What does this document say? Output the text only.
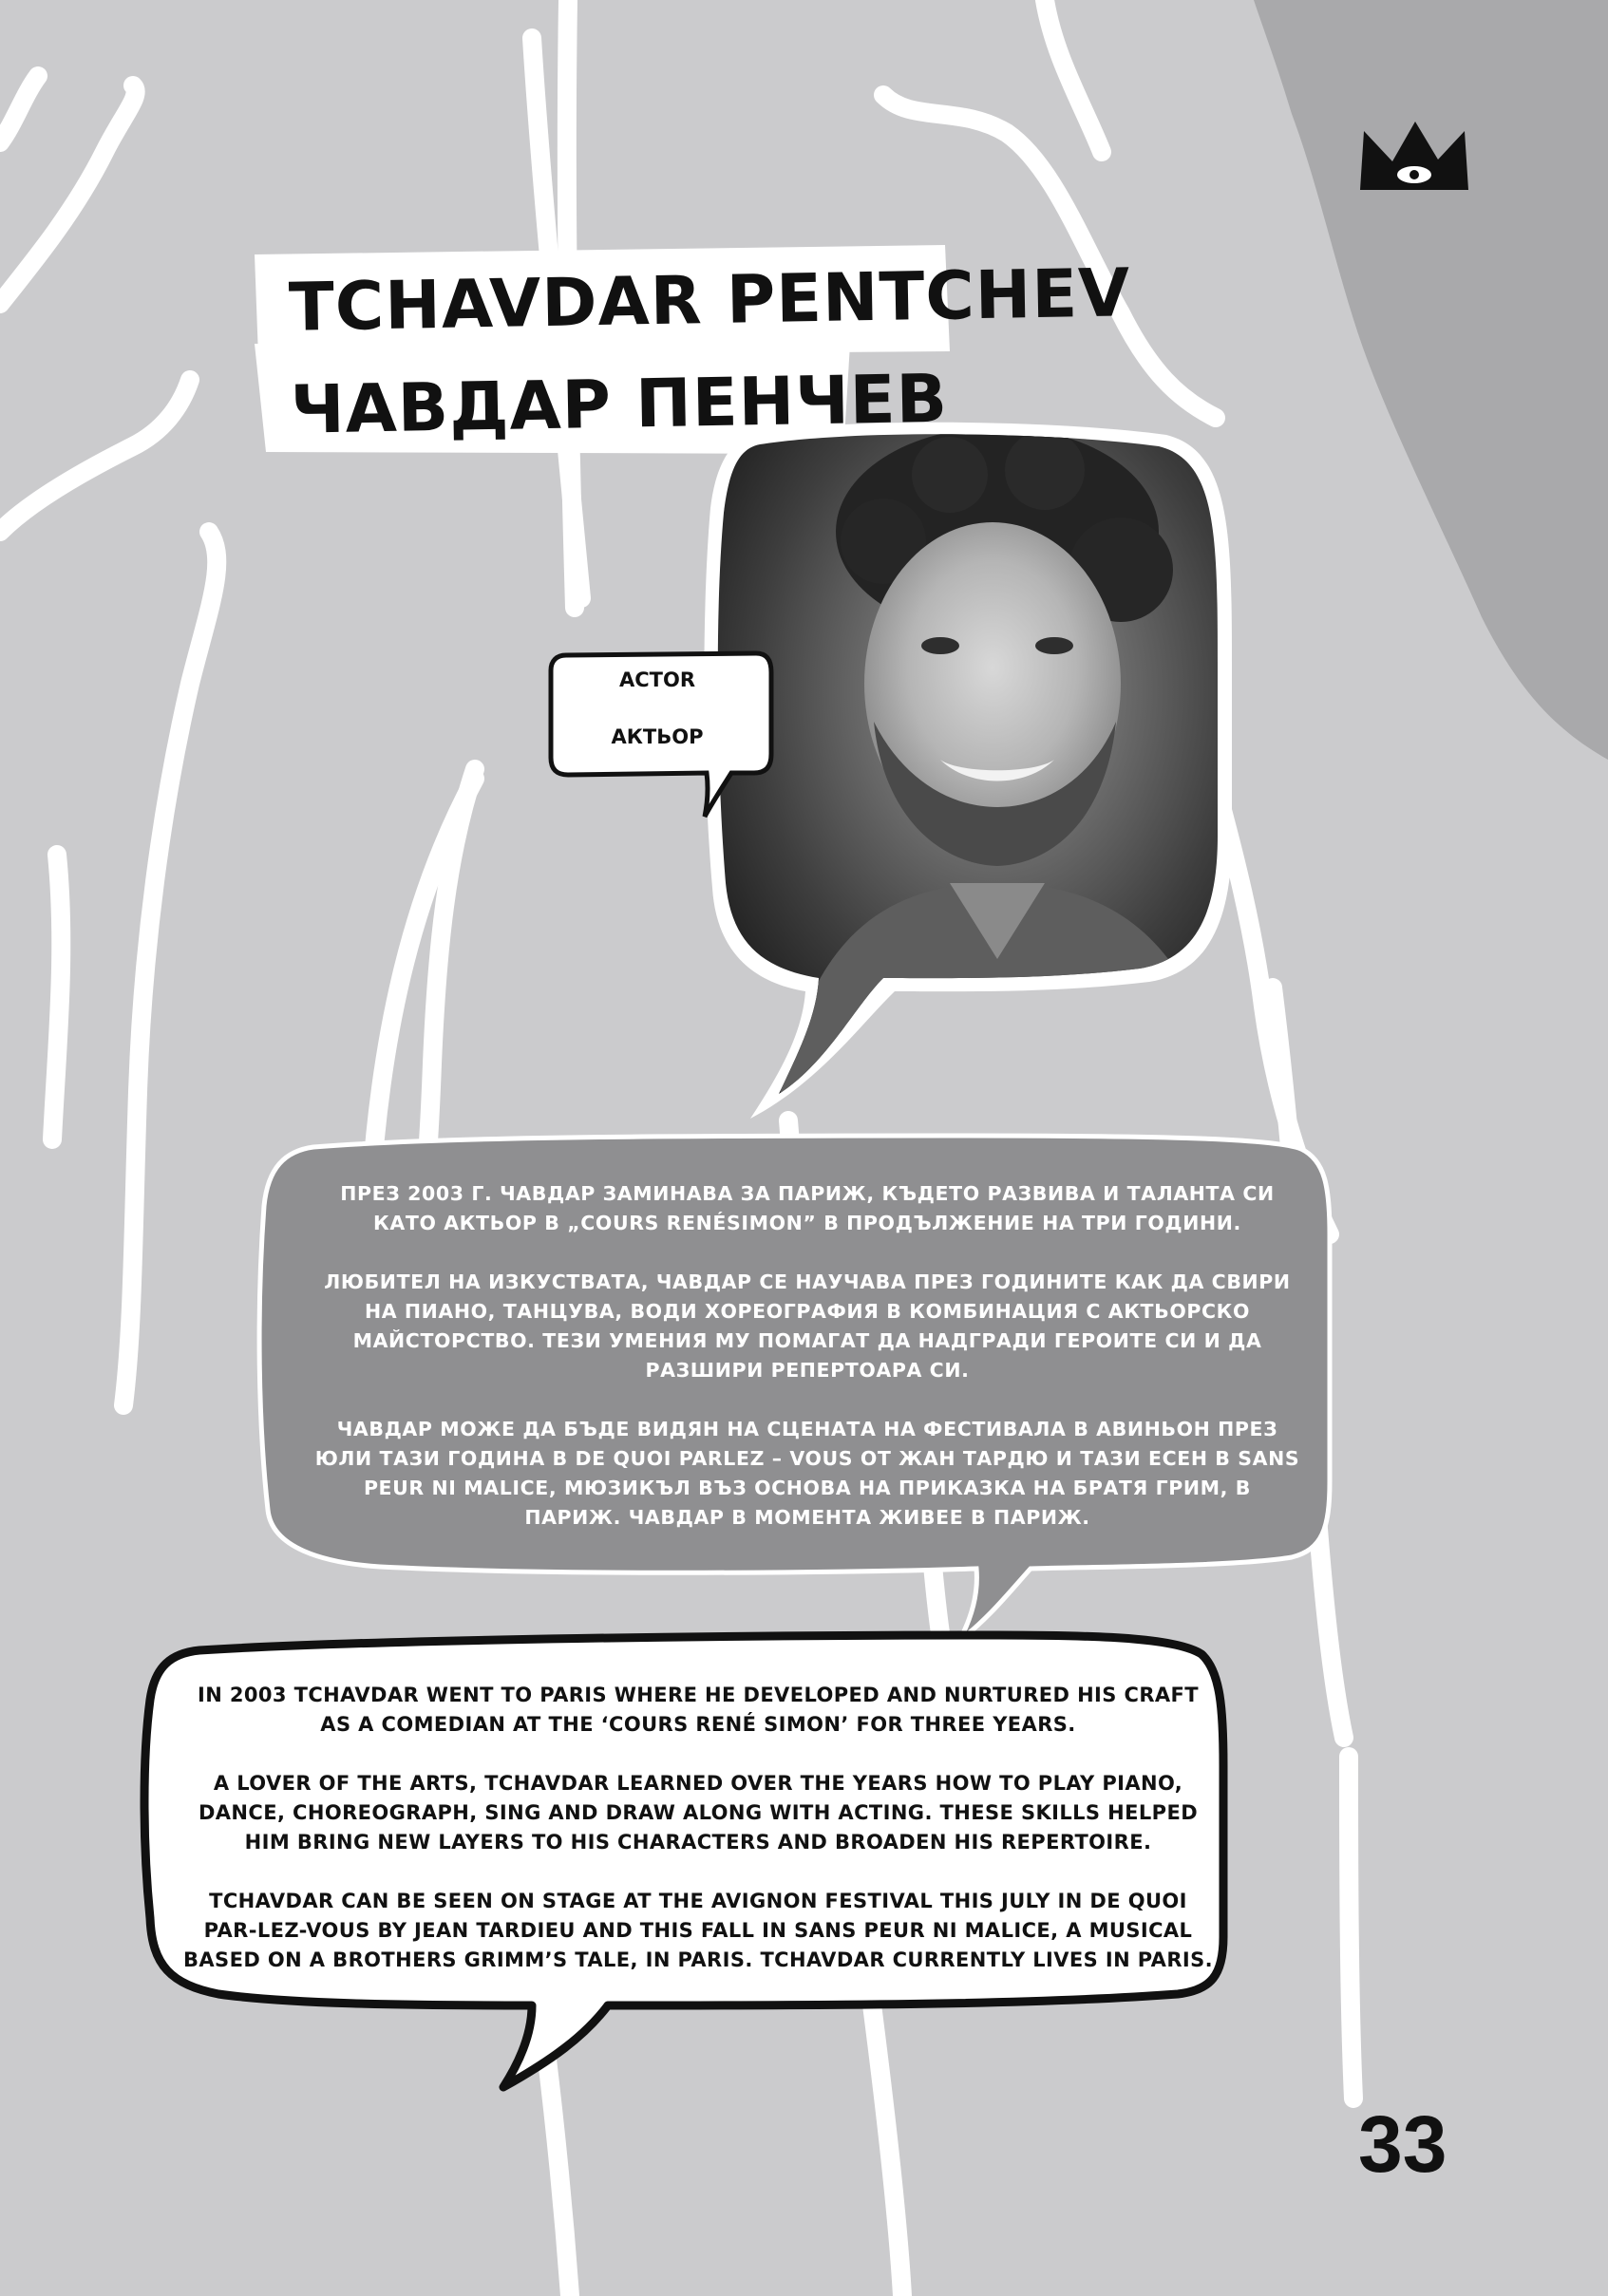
TCHAVDAR PENTCHEV
ЧАВДАР ПЕНЧЕВ
ACTOR
АКТЬОР

ПРЕЗ 2003 Г. ЧАВДАР ЗАМИНАВА ЗА ПАРИЖ, КЪДЕТО РАЗВИВА И ТАЛАНТА СИ КАТО АКТЬОР В „COURS RENÉSIMON” В ПРОДЪЛЖЕНИЕ НА ТРИ ГОДИНИ.

ЛЮБИТЕЛ НА ИЗКУСТВАТА, ЧАВДАР СЕ НАУЧАВА ПРЕЗ ГОДИНИТЕ КАК ДА СВИРИ НА ПИАНО, ТАНЦУВА, ВОДИ ХОРЕОГРАФИЯ В КОМБИНАЦИЯ С АКТЬОРСКО МАЙСТОРСТВО. ТЕЗИ УМЕНИЯ МУ ПОМАГАТ ДА НАДГРАДИ ГЕРОИТЕ СИ И ДА РАЗШИРИ РЕПЕРТОАРА СИ.

ЧАВДАР МОЖЕ ДА БЪДЕ ВИДЯН НА СЦЕНАТА НА ФЕСТИВАЛА В АВИНЬОН ПРЕЗ ЮЛИ ТАЗИ ГОДИНА В DE QUOI PARLEZ – VOUS ОТ ЖАН ТАРДЮ И ТАЗИ ЕСЕН В SANS PEUR NI MALICE, МЮЗИКЪЛ ВЪЗ ОСНОВА НА ПРИКАЗКА НА БРАТЯ ГРИМ, В ПАРИЖ. ЧАВДАР В МОМЕНТА ЖИВЕЕ В ПАРИЖ.

IN 2003 TCHAVDAR WENT TO PARIS WHERE HE DEVELOPED AND NURTURED HIS CRAFT AS A COMEDIAN AT THE ‘COURS RENÉ SIMON’ FOR THREE YEARS.

A LOVER OF THE ARTS, TCHAVDAR LEARNED OVER THE YEARS HOW TO PLAY PIANO, DANCE, CHOREOGRAPH, SING AND DRAW ALONG WITH ACTING. THESE SKILLS HELPED HIM BRING NEW LAYERS TO HIS CHARACTERS AND BROADEN HIS REPERTOIRE.

TCHAVDAR CAN BE SEEN ON STAGE AT THE AVIGNON FESTIVAL THIS JULY IN DE QUOI PAR-LEZ-VOUS BY JEAN TARDIEU AND THIS FALL IN SANS PEUR NI MALICE, A MUSICAL BASED ON A BROTHERS GRIMM’S TALE, IN PARIS. TCHAVDAR CURRENTLY LIVES IN PARIS.

33
